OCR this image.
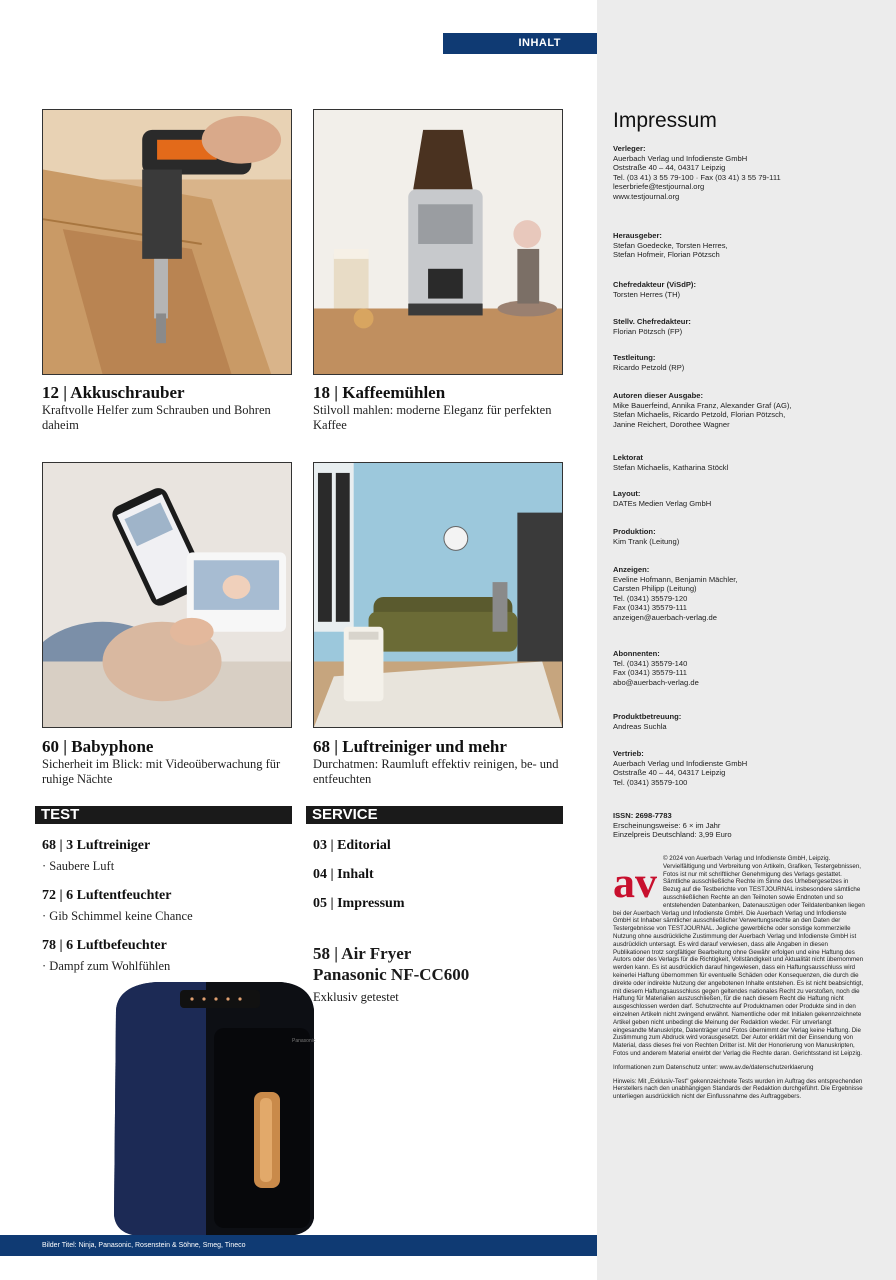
INHALT
12 | Akkuschrauber
Kraftvolle Helfer zum Schrauben und Bohren daheim
18 | Kaffeemühlen
Stilvoll mahlen: moderne Eleganz für perfekten Kaffee
60 | Babyphone
Sicherheit im Blick: mit Videoüberwachung für ruhige Nächte
68 | Luftreiniger und mehr
Durchatmen: Raumluft effektiv reinigen, be- und entfeuchten
TEST
68 | 3 Luftreiniger
· Saubere Luft
72 | 6 Luftentfeuchter
· Gib Schimmel keine Chance
78 | 6 Luftbefeuchter
· Dampf zum Wohlfühlen
SERVICE
03 | Editorial
04 | Inhalt
05 | Impressum
58 | Air Fryer
Panasonic NF-CC600
Exklusiv getestet
Panasonic
Bilder Titel: Ninja, Panasonic, Rosenstein & Söhne, Smeg, Tineco
Impressum
Verleger:
Auerbach Verlag und Infodienste GmbH
Oststraße 40 – 44, 04317 Leipzig
Tel. (03 41) 3 55 79-100 · Fax (03 41) 3 55 79-111
leserbriefe@testjournal.org
www.testjournal.org
Herausgeber:
Stefan Goedecke, Torsten Herres,
Stefan Hofmeir, Florian Pötzsch
Chefredakteur (ViSdP):
Torsten Herres (TH)
Stellv. Chefredakteur:
Florian Pötzsch (FP)
Testleitung:
Ricardo Petzold (RP)
Autoren dieser Ausgabe:
Mike Bauerfeind, Annika Franz, Alexander Graf (AG),
Stefan Michaelis, Ricardo Petzold, Florian Pötzsch,
Janine Reichert, Dorothee Wagner
Lektorat
Stefan Michaelis, Katharina Stöckl
Layout:
DATEs Medien Verlag GmbH
Produktion:
Kim Trank (Leitung)
Anzeigen:
Eveline Hofmann, Benjamin Mächler,
Carsten Philipp (Leitung)
Tel. (0341) 35579-120
Fax (0341) 35579-111
anzeigen@auerbach-verlag.de
Abonnenten:
Tel. (0341) 35579-140
Fax (0341) 35579-111
abo@auerbach-verlag.de
Produktbetreuung:
Andreas Suchla
Vertrieb:
Auerbach Verlag und Infodienste GmbH
Oststraße 40 – 44, 04317 Leipzig
Tel. (0341) 35579-100
ISSN: 2698-7783
Erscheinungsweise: 6 × im Jahr
Einzelpreis Deutschland: 3,99 Euro
av © 2024 von Auerbach Verlag und Infodienste GmbH, Leipzig. Vervielfältigung und Verbreitung von Artikeln, Grafiken, Testergebnissen, Fotos ist nur mit schriftlicher Genehmigung des Verlags gestattet. Sämtliche ausschließliche Rechte im Sinne des Urhebergesetzes in Bezug auf die Testberichte von TESTJOURNAL insbesondere sämtliche ausschließlichen Rechte an den Teilnoten sowie Endnoten und so entstehenden Datenbanken, Datenauszügen oder Teildatenbanken liegen bei der Auerbach Verlag und Infodienste GmbH. Die Auerbach Verlag und Infodienste GmbH ist Inhaber sämtlicher ausschließlicher Verwertungsrechte an den Daten der Testergebnisse von TESTJOURNAL. Jegliche gewerbliche oder sonstige kommerzielle Nutzung ohne ausdrückliche Zustimmung der Auerbach Verlag und Infodienste GmbH ist ausdrücklich untersagt. Es wird darauf verwiesen, dass alle Angaben in diesen Publikationen trotz sorgfältiger Bearbeitung ohne Gewähr erfolgen und eine Haftung des Autors oder des Verlags für die Richtigkeit, Vollständigkeit und Aktualität nicht übernommen werden kann. Es ist ausdrücklich darauf hingewiesen, dass ein Haftungsausschluss wird keinerlei Haftung übernommen für eventuelle Schäden oder Konsequenzen, die durch die direkte oder indirekte Nutzung der angebotenen Inhalte entstehen. Es ist nicht beabsichtigt, mit diesem Haftungsausschluss gegen geltendes nationales Recht zu verstoßen, noch die Haftung für Materialien auszuschließen, für die nach diesem Recht die Haftung nicht ausgeschlossen werden darf. Schutzrechte auf Produktnamen oder Produkte sind in den einzelnen Artikeln nicht zwingend erwähnt. Namentliche oder mit Initialen gekennzeichnete Artikel geben nicht unbedingt die Meinung der Redaktion wieder. Für unverlangt eingesandte Manuskripte, Datenträger und Fotos übernimmt der Verlag keine Haftung. Die Zustimmung zum Abdruck wird vorausgesetzt. Der Autor erklärt mit der Einsendung von Material, dass dieses frei von Rechten Dritter ist. Mit der Honorierung von Manuskripten, Fotos und anderem Material erwirbt der Verlag die Rechte daran. Gerichtsstand ist Leipzig.

Informationen zum Datenschutz unter: www.av.de/datenschutzerklaerung

Hinweis: Mit „Exklusiv-Test" gekennzeichnete Tests wurden im Auftrag des entsprechenden Herstellers nach den unabhängigen Standards der Redaktion durchgeführt. Die Ergebnisse unterliegen ausdrücklich nicht der Einflussnahme des Auftraggebers.
